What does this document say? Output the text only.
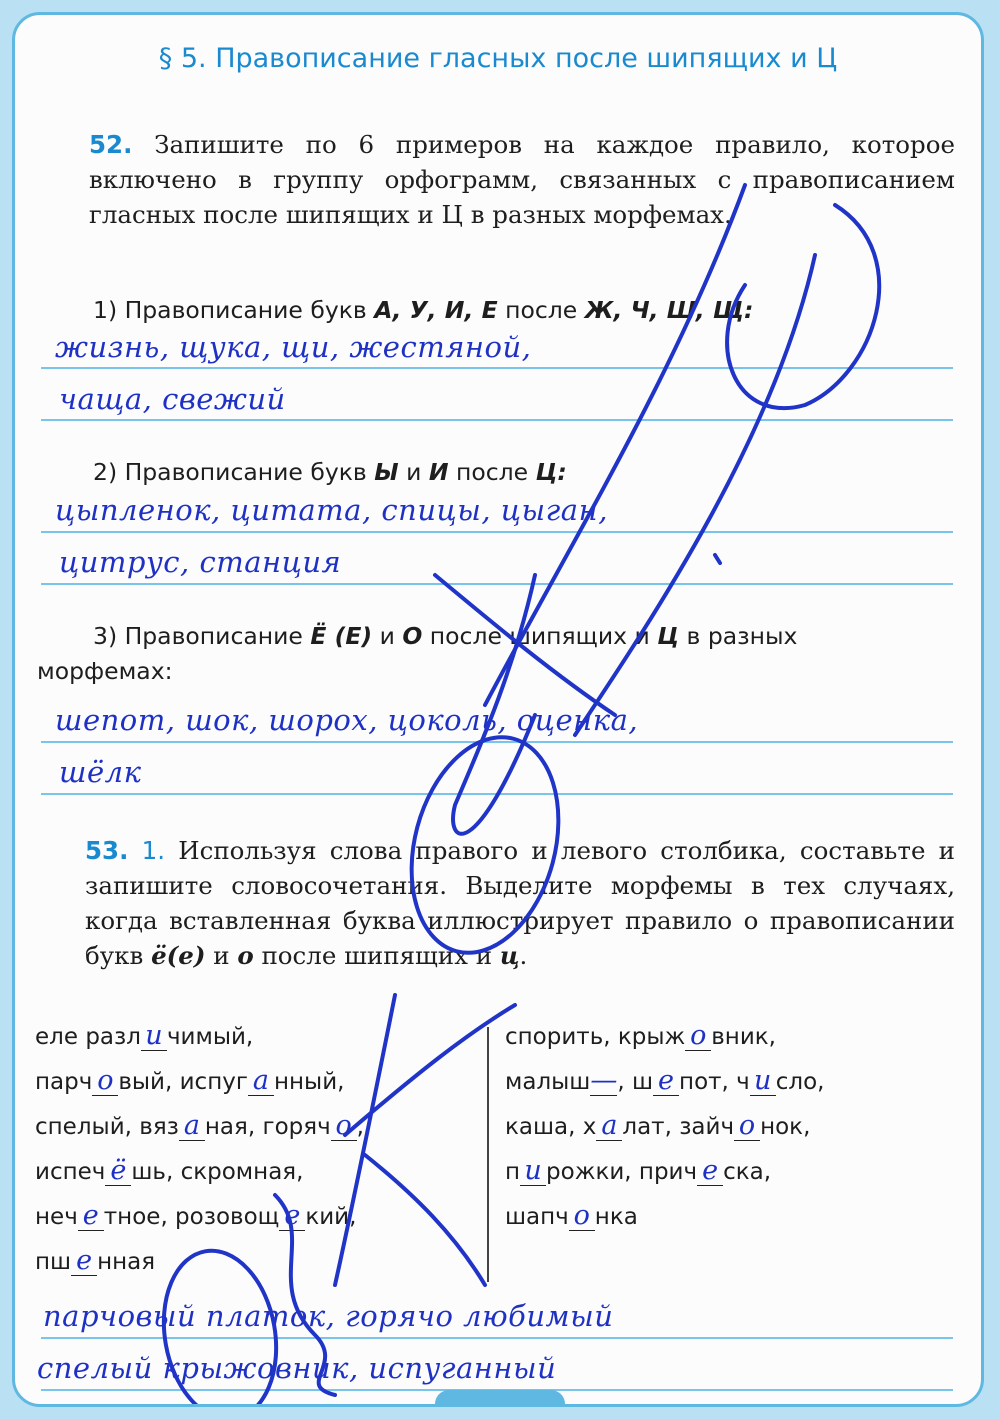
§ 5. Правописание гласных после шипящих и Ц
52. Запишите по 6 примеров на каждое правило, которое включено в группу орфограмм, связанных с правописанием гласных после шипящих и Ц в разных морфемах.
1) Правописание букв А, У, И, Е после Ж, Ч, Ш, Щ:
жизнь, щука, щи, жестяной,
чаща, свежий
2) Правописание букв Ы и И после Ц:
цыпленок, цитата, спицы, цыган,
цитрус, станция
3) Правописание Ё (Е) и О после шипящих и Ц в разных
морфемах:
шепот, шок, шорох, цоколь, оценка,
шёлк
53. 1. Используя слова правого и левого столбика, составьте и запишите словосочетания. Выделите морфемы в тех случаях, когда вставленная буква иллюстрирует правило о правописании букв ё(е) и о после шипящих и ц.
еле разл и чимый,
парч о вый, испуг а нный,
спелый, вяз а ная, горяч о ,
испеч ё шь, скромная,
неч е тное, розовощ е кий,
пш е нная
спорить, крыж о вник,
малыш—, ш е пот, ч и сло,
каша, х а лат, зайч о нок,
п и рожки, прич е ска,
шапч о нка
парчовый платок, горячо любимый
спелый крыжовник, испуганный
